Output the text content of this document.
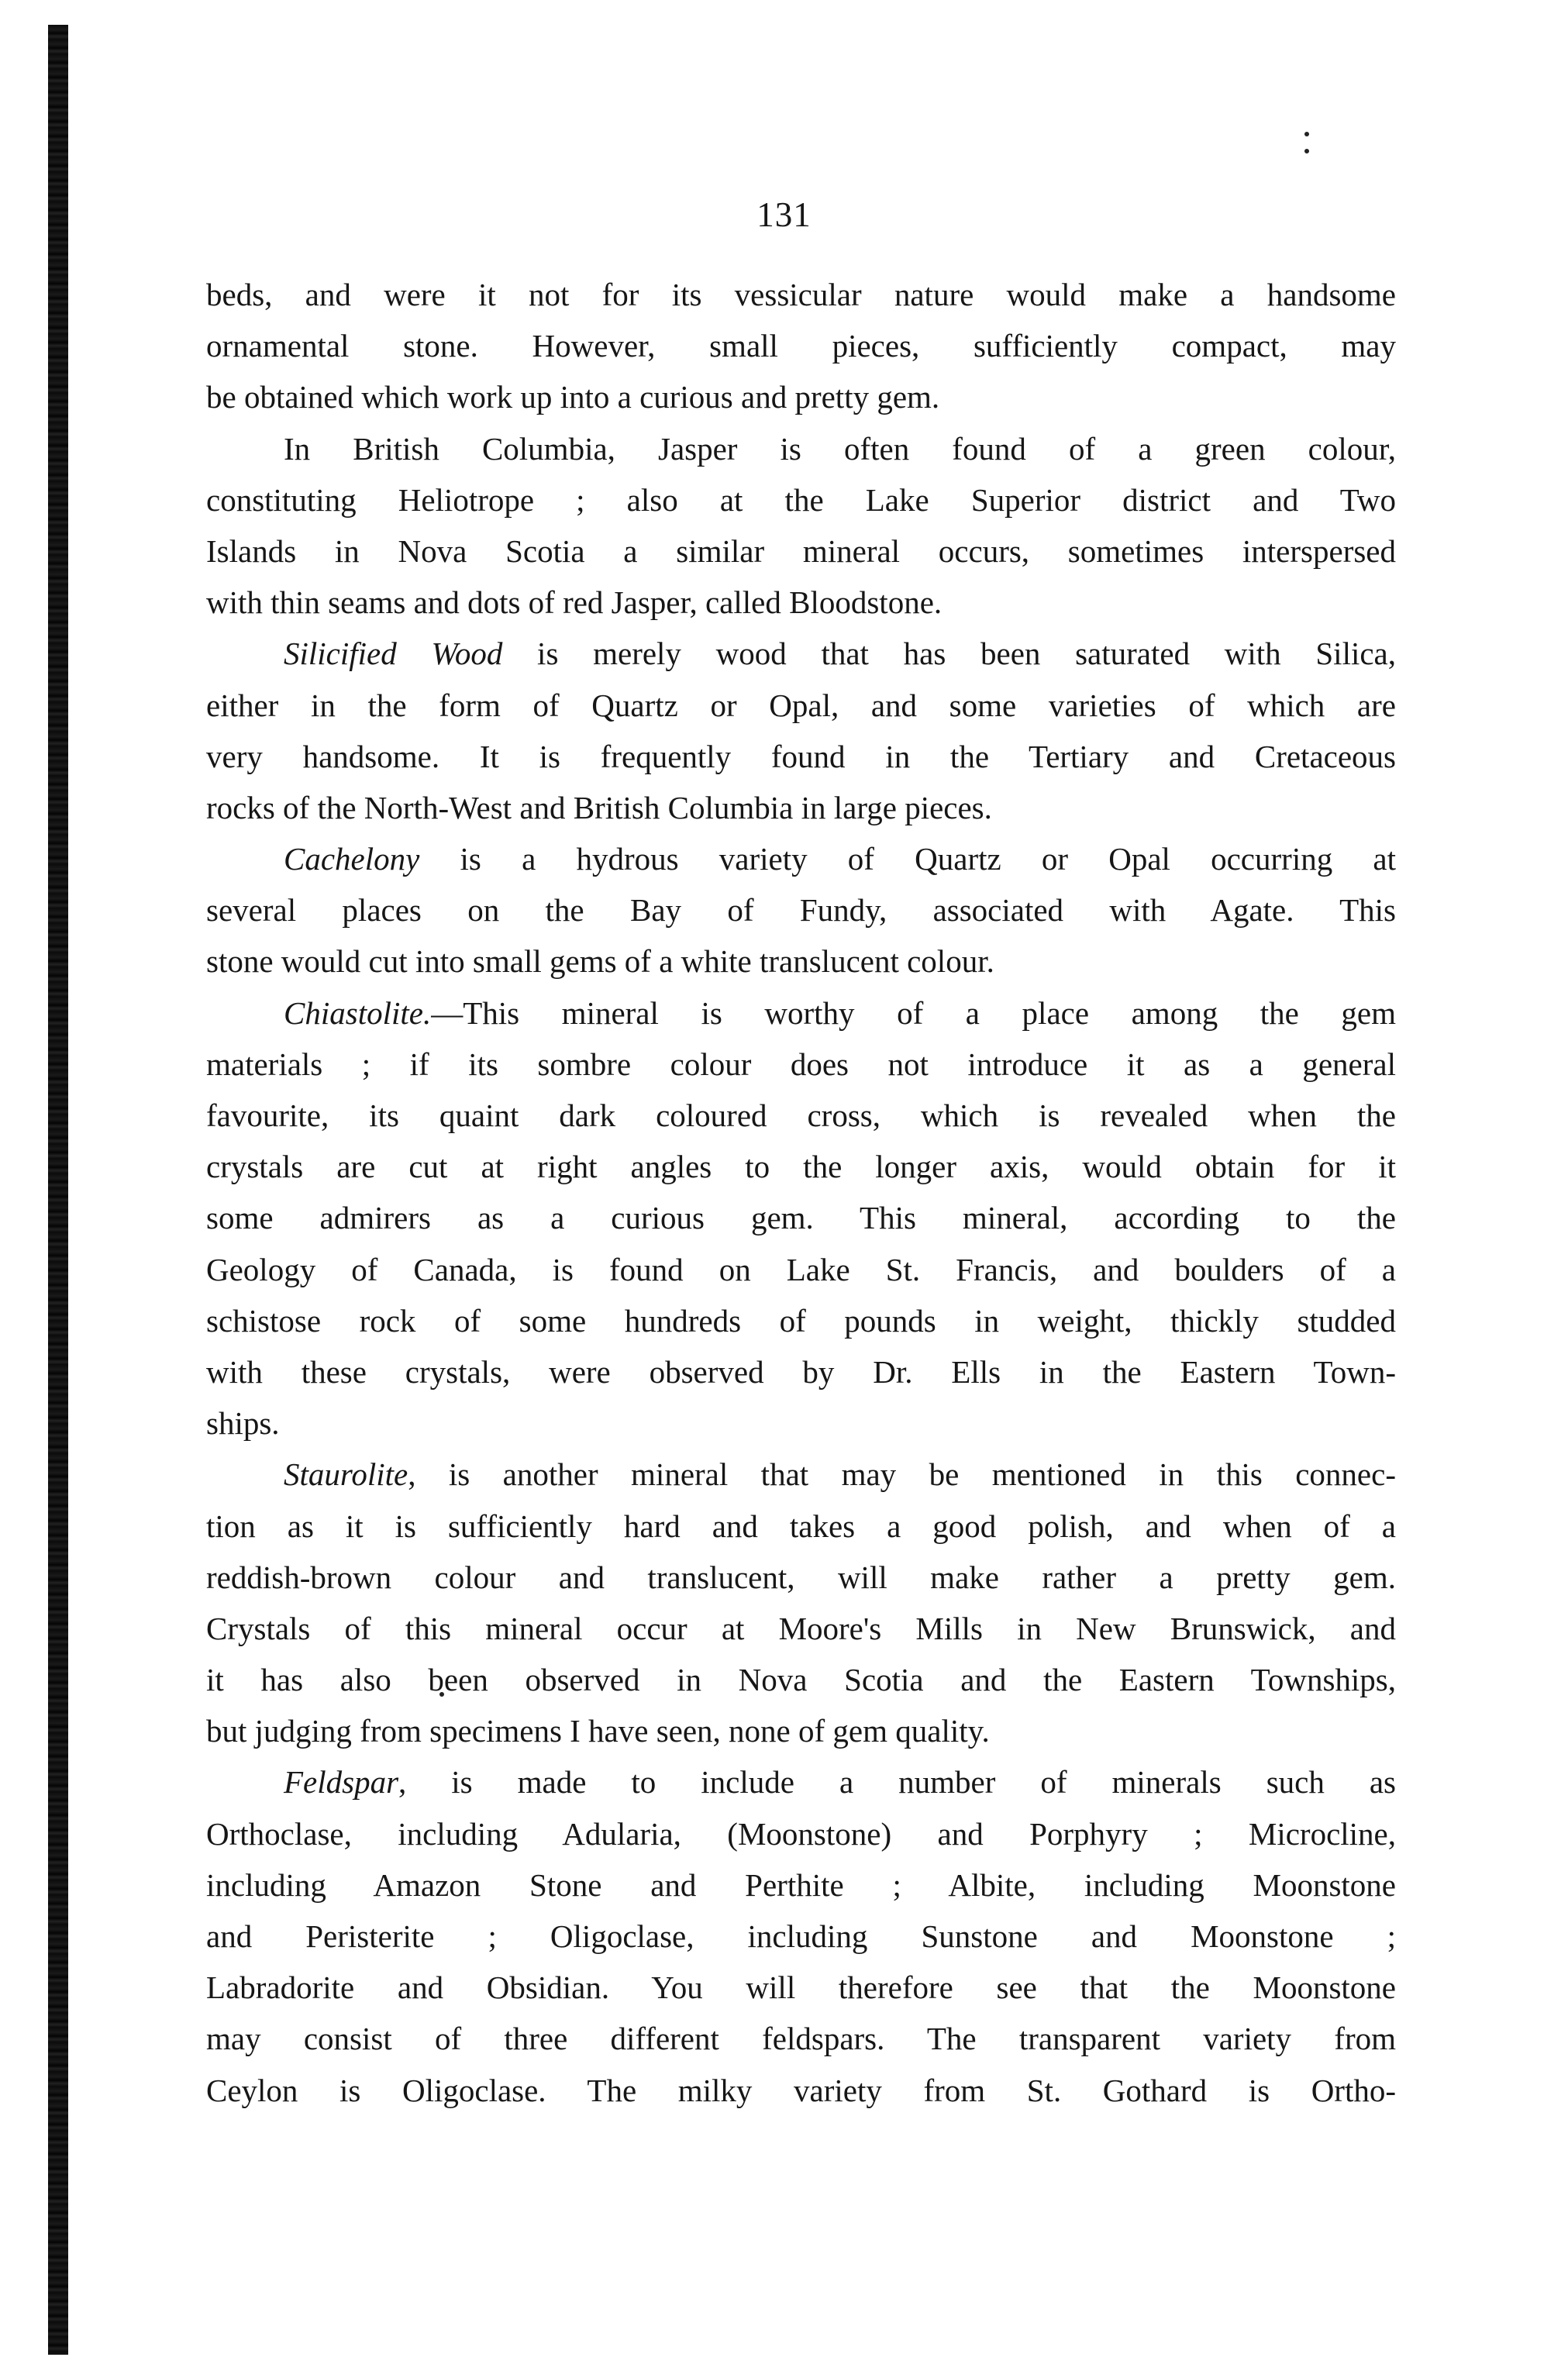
131
beds, and were it not for its vessicular nature would make a handsome
ornamental stone. However, small pieces, sufficiently compact, may
be obtained which work up into a curious and pretty gem.
In British Columbia, Jasper is often found of a green colour,
constituting Heliotrope ; also at the Lake Superior district and Two
Islands in Nova Scotia a similar mineral occurs, sometimes interspersed
with thin seams and dots of red Jasper, called Bloodstone.
Silicified Wood is merely wood that has been saturated with Silica,
either in the form of Quartz or Opal, and some varieties of which are
very handsome. It is frequently found in the Tertiary and Cretaceous
rocks of the North-West and British Columbia in large pieces.
Cachelony is a hydrous variety of Quartz or Opal occurring at
several places on the Bay of Fundy, associated with Agate. This
stone would cut into small gems of a white translucent colour.
Chiastolite.—This mineral is worthy of a place among the gem
materials ; if its sombre colour does not introduce it as a general
favourite, its quaint dark coloured cross, which is revealed when the
crystals are cut at right angles to the longer axis, would obtain for it
some admirers as a curious gem. This mineral, according to the
Geology of Canada, is found on Lake St. Francis, and boulders of a
schistose rock of some hundreds of pounds in weight, thickly studded
with these crystals, were observed by Dr. Ells in the Eastern Town-
ships.
Staurolite, is another mineral that may be mentioned in this connec-
tion as it is sufficiently hard and takes a good polish, and when of a
reddish-brown colour and translucent, will make rather a pretty gem.
Crystals of this mineral occur at Moore's Mills in New Brunswick, and
it has also been observed in Nova Scotia and the Eastern Townships,
but judging from specimens I have seen, none of gem quality.
Feldspar, is made to include a number of minerals such as
Orthoclase, including Adularia, (Moonstone) and Porphyry ; Microcline,
including Amazon Stone and Perthite ; Albite, including Moonstone
and Peristerite ; Oligoclase, including Sunstone and Moonstone ;
Labradorite and Obsidian. You will therefore see that the Moonstone
may consist of three different feldspars. The transparent variety from
Ceylon is Oligoclase. The milky variety from St. Gothard is Ortho-
